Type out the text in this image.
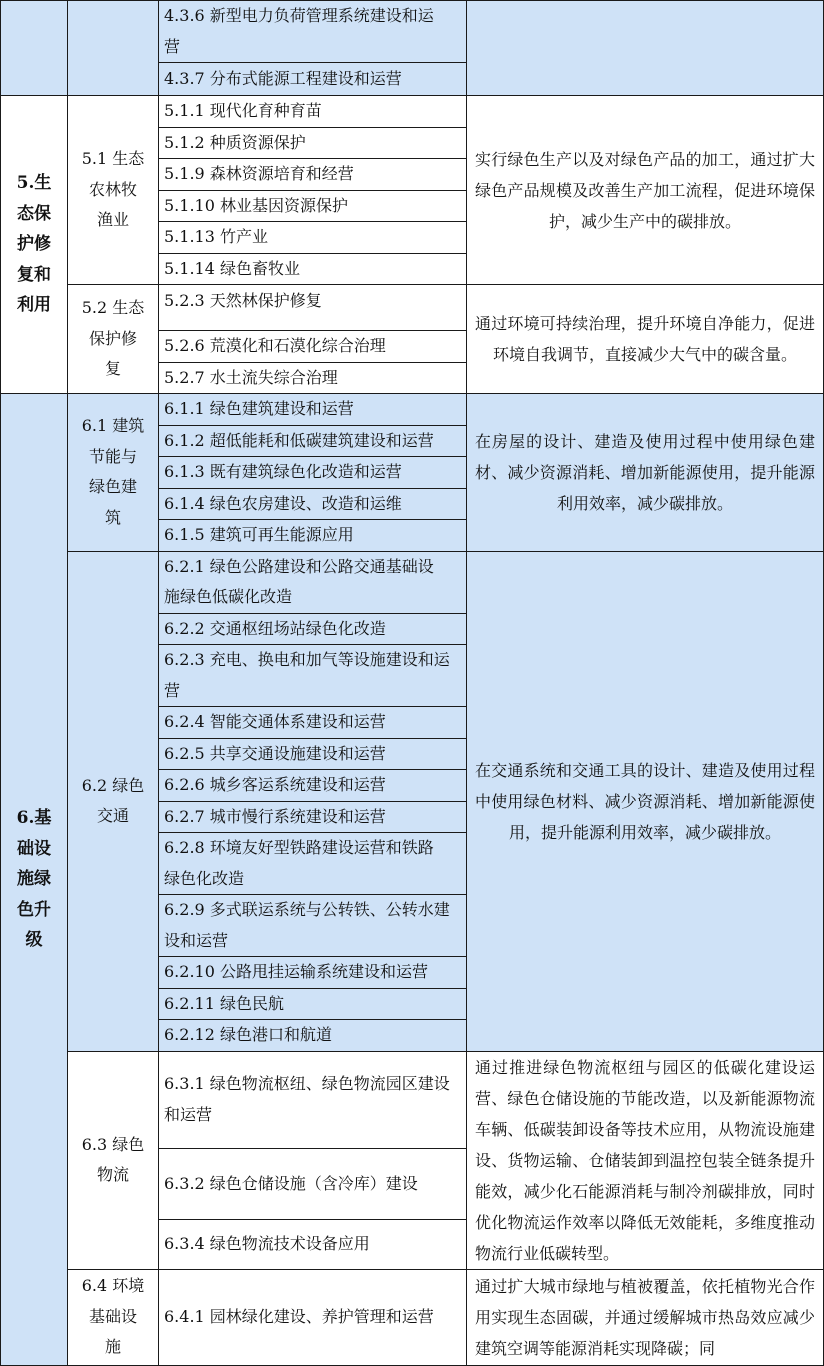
		4.3.6 新型电力负荷管理系统建设和运
营	

		4.3.7 分布式能源工程建设和运营	

5.生
态保
护修
复和
利用	5.1 生态
农林牧
渔业	5.1.1 现代化育种育苗	实行绿色生产以及对绿色产品的加工，通过扩大绿色产品规模及改善生产加工流程，促进环境保护，减少生产中的碳排放。

		5.1.2 种质资源保护	

		5.1.9 森林资源培育和经营	

		5.1.10 林业基因资源保护	

		5.1.13 竹产业	

		5.1.14 绿色畜牧业	

	5.2 生态
保护修
复	5.2.3 天然林保护修复	通过环境可持续治理，提升环境自净能力，促进环境自我调节，直接减少大气中的碳含量。

		5.2.6 荒漠化和石漠化综合治理	

		5.2.7 水土流失综合治理	

6.基
础设
施绿
色升
级	6.1 建筑
节能与
绿色建
筑	6.1.1 绿色建筑建设和运营	在房屋的设计、建造及使用过程中使用绿色建材、减少资源消耗、增加新能源使用，提升能源利用效率，减少碳排放。

		6.1.2 超低能耗和低碳建筑建设和运营	

		6.1.3 既有建筑绿色化改造和运营	

		6.1.4 绿色农房建设、改造和运维	

		6.1.5 建筑可再生能源应用	

	6.2 绿色
交通	6.2.1 绿色公路建设和公路交通基础设
施绿色低碳化改造	在交通系统和交通工具的设计、建造及使用过程中使用绿色材料、减少资源消耗、增加新能源使用，提升能源利用效率，减少碳排放。

		6.2.2 交通枢纽场站绿色化改造	

		6.2.3 充电、换电和加气等设施建设和运
营	

		6.2.4 智能交通体系建设和运营	

		6.2.5 共享交通设施建设和运营	

		6.2.6 城乡客运系统建设和运营	

		6.2.7 城市慢行系统建设和运营	

		6.2.8 环境友好型铁路建设运营和铁路
绿色化改造	

		6.2.9 多式联运系统与公转铁、公转水建
设和运营	

		6.2.10 公路甩挂运输系统建设和运营	

		6.2.11 绿色民航	

		6.2.12 绿色港口和航道	

	6.3 绿色
物流	6.3.1 绿色物流枢纽、绿色物流园区建设
和运营	通过推进绿色物流枢纽与园区的低碳化建设运营、绿色仓储设施的节能改造，以及新能源物流车辆、低碳装卸设备等技术应用，从物流设施建设、货物运输、仓储装卸到温控包装全链条提升能效，减少化石能源消耗与制冷剂碳排放，同时优化物流运作效率以降低无效能耗，多维度推动物流行业低碳转型。

		6.3.2 绿色仓储设施（含冷库）建设	

		6.3.4 绿色物流技术设备应用	

	6.4 环境
基础设
施	6.4.1 园林绿化建设、养护管理和运营	通过扩大城市绿地与植被覆盖，依托植物光合作用实现生态固碳，并通过缓解城市热岛效应减少建筑空调等能源消耗实现降碳；同
